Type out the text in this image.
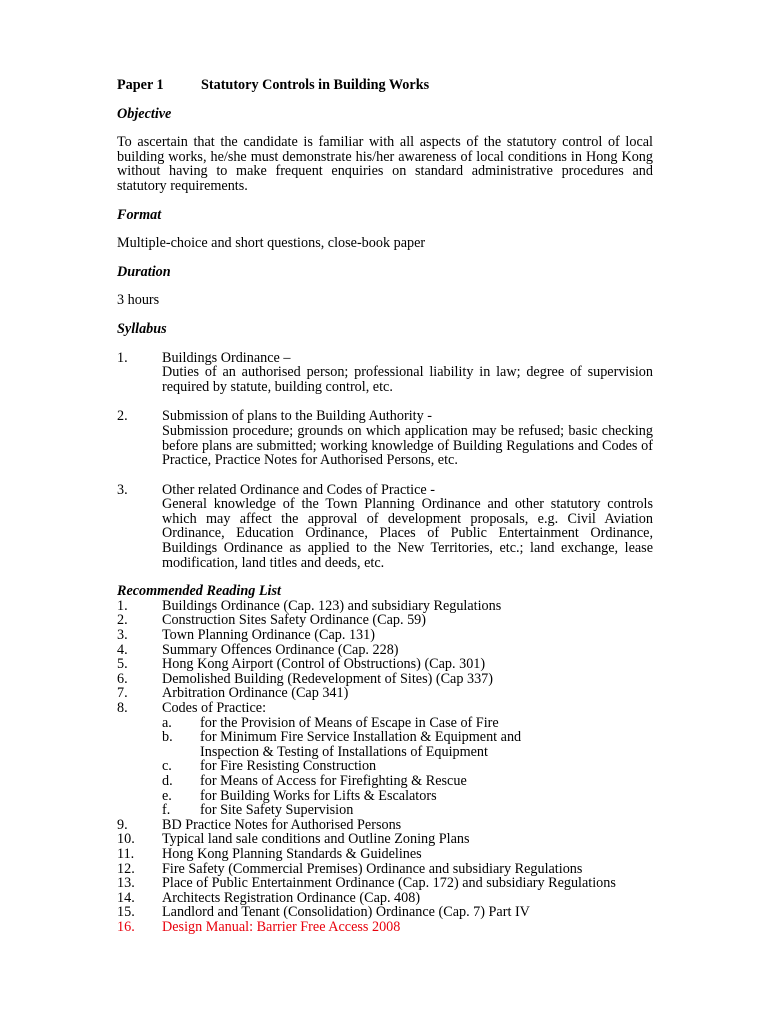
Paper 1	Statutory Controls in Building Works
Objective
To ascertain that the candidate is familiar with all aspects of the statutory control of local building works, he/she must demonstrate his/her awareness of local conditions in Hong Kong without having to make frequent enquiries on standard administrative procedures and statutory requirements.
Format
Multiple-choice and short questions, close-book paper
Duration
3 hours
Syllabus
1.	Buildings Ordinance –
Duties of an authorised person; professional liability in law; degree of supervision required by statute, building control, etc.
2.	Submission of plans to the Building Authority -
Submission procedure; grounds on which application may be refused; basic checking before plans are submitted; working knowledge of Building Regulations and Codes of Practice, Practice Notes for Authorised Persons, etc.
3.	Other related Ordinance and Codes of Practice -
General knowledge of the Town Planning Ordinance and other statutory controls which may affect the approval of development proposals, e.g. Civil Aviation Ordinance, Education Ordinance, Places of Public Entertainment Ordinance, Buildings Ordinance as applied to the New Territories, etc.; land exchange, lease modification, land titles and deeds, etc.
Recommended Reading List
1.	Buildings Ordinance (Cap. 123) and subsidiary Regulations
2.	Construction Sites Safety Ordinance (Cap. 59)
3.	Town Planning Ordinance (Cap. 131)
4.	Summary Offences Ordinance (Cap. 228)
5.	Hong Kong Airport (Control of Obstructions) (Cap. 301)
6.	Demolished Building (Redevelopment of Sites) (Cap 337)
7.	Arbitration Ordinance (Cap 341)
8.	Codes of Practice:
a.	for the Provision of Means of Escape in Case of Fire
b.	for Minimum Fire Service Installation & Equipment and
Inspection & Testing of Installations of Equipment
c.	for Fire Resisting Construction
d.	for Means of Access for Firefighting & Rescue
e.	for Building Works for Lifts & Escalators
f.	for Site Safety Supervision
9.	BD Practice Notes for Authorised Persons
10.	Typical land sale conditions and Outline Zoning Plans
11.	Hong Kong Planning Standards & Guidelines
12.	Fire Safety (Commercial Premises) Ordinance and subsidiary Regulations
13.	Place of Public Entertainment Ordinance (Cap. 172) and subsidiary Regulations
14.	Architects Registration Ordinance (Cap. 408)
15.	Landlord and Tenant (Consolidation) Ordinance (Cap. 7) Part IV
16.	Design Manual: Barrier Free Access 2008
